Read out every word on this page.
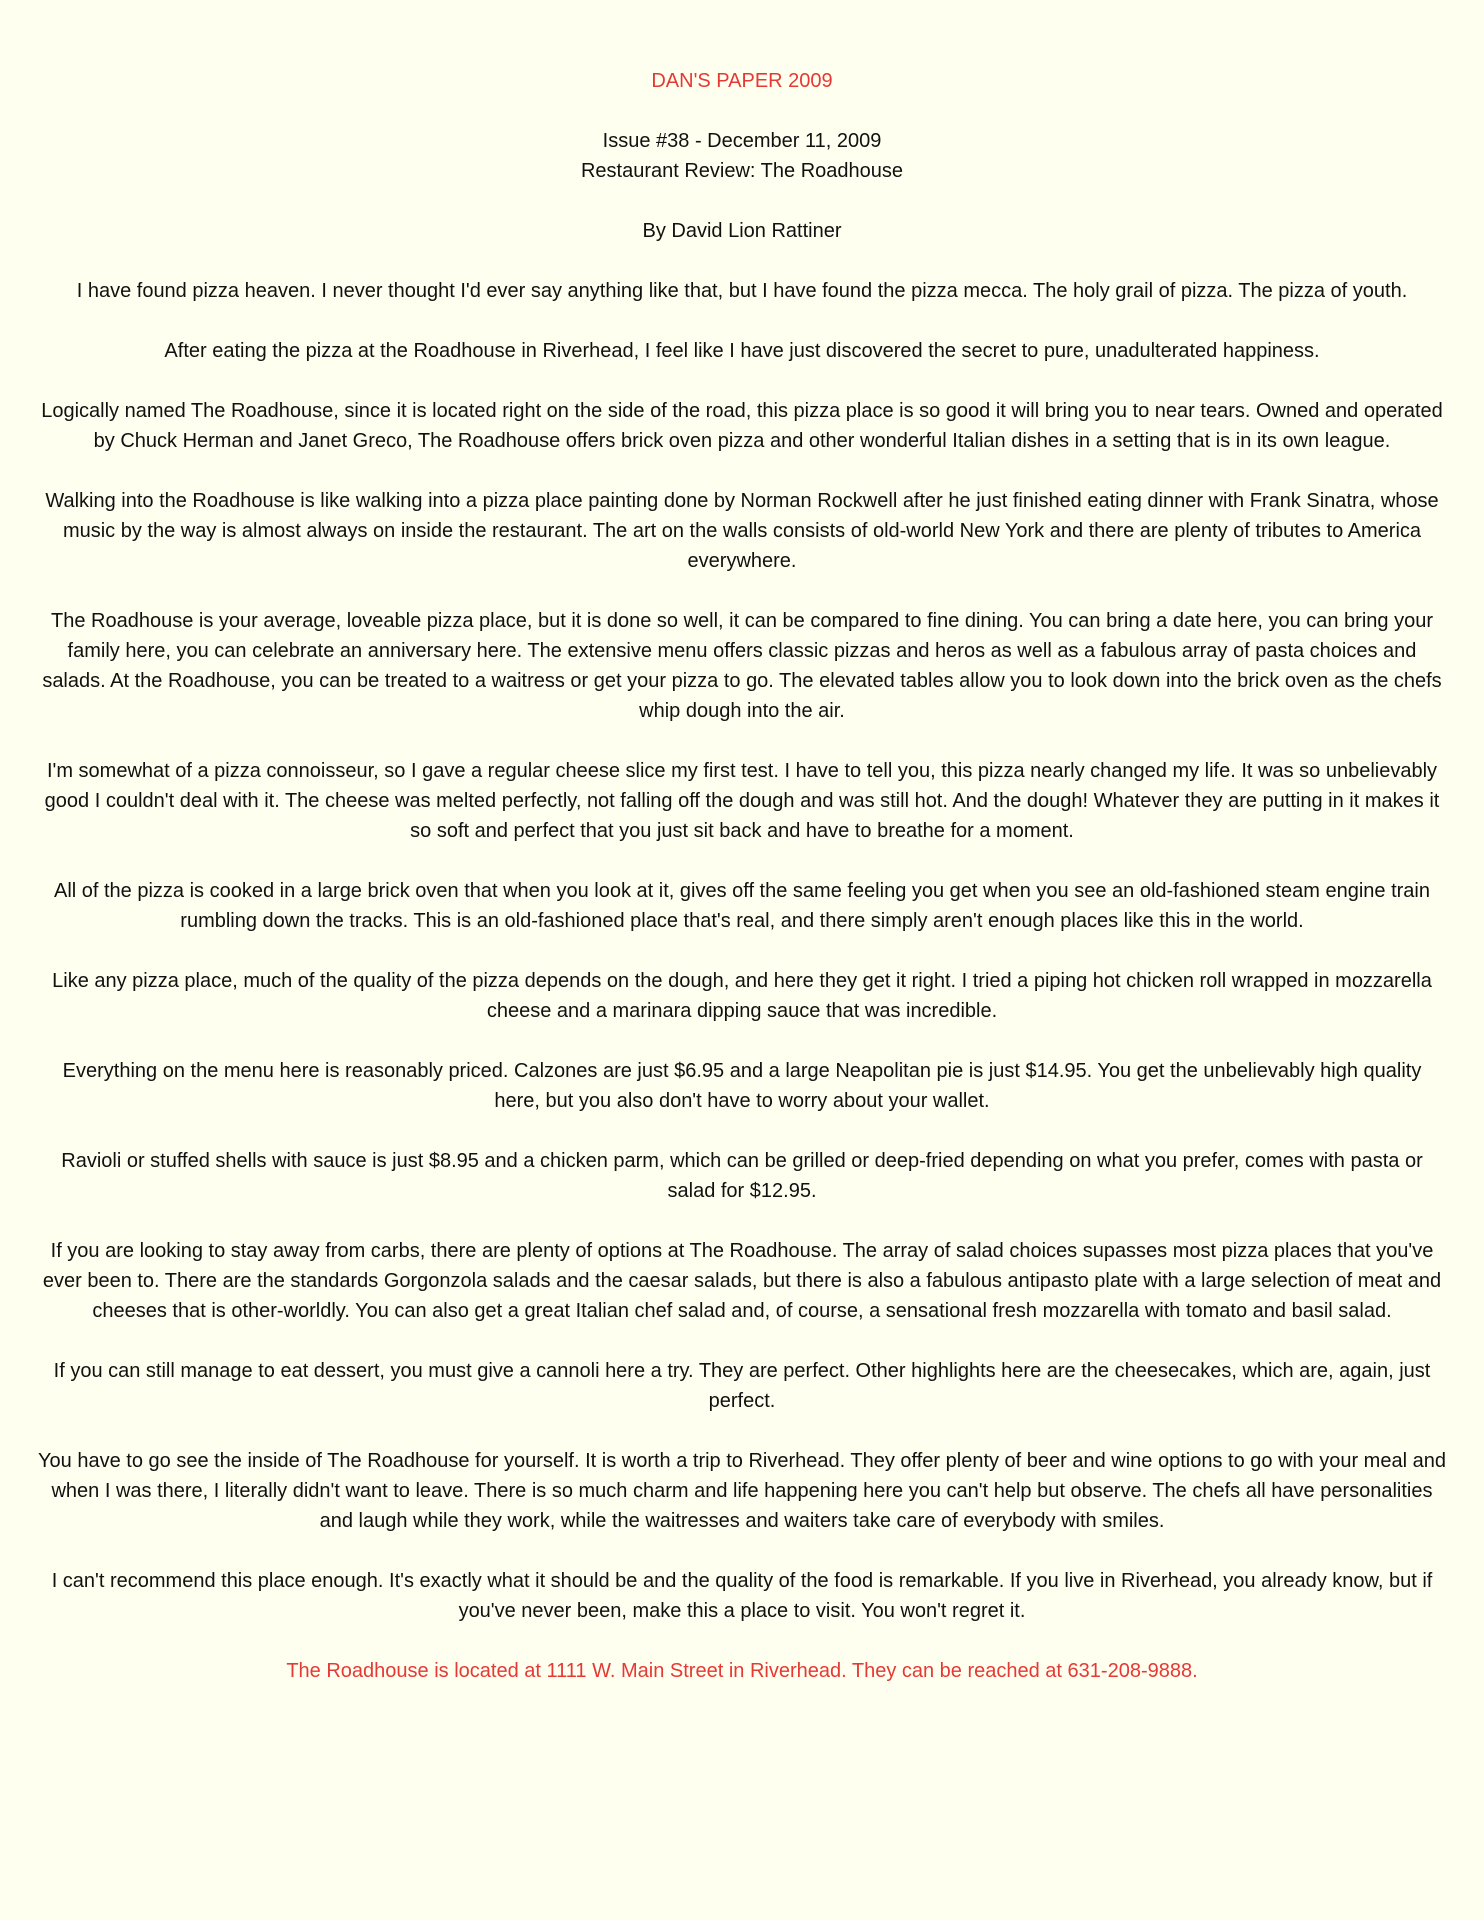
DAN'S PAPER 2009

Issue #38 - December 11, 2009

Restaurant Review: The Roadhouse

By David Lion Rattiner

I have found pizza heaven. I never thought I'd ever say anything like that, but I have found the pizza mecca. The holy grail of pizza. The pizza of youth.

After eating the pizza at the Roadhouse in Riverhead, I feel like I have just discovered the secret to pure, unadulterated happiness.

Logically named The Roadhouse, since it is located right on the side of the road, this pizza place is so good it will bring you to near tears. Owned and operated by Chuck Herman and Janet Greco, The Roadhouse offers brick oven pizza and other wonderful Italian dishes in a setting that is in its own league.

Walking into the Roadhouse is like walking into a pizza place painting done by Norman Rockwell after he just finished eating dinner with Frank Sinatra, whose music by the way is almost always on inside the restaurant. The art on the walls consists of old-world New York and there are plenty of tributes to America everywhere.

The Roadhouse is your average, loveable pizza place, but it is done so well, it can be compared to fine dining. You can bring a date here, you can bring your family here, you can celebrate an anniversary here. The extensive menu offers classic pizzas and heros as well as a fabulous array of pasta choices and salads. At the Roadhouse, you can be treated to a waitress or get your pizza to go. The elevated tables allow you to look down into the brick oven as the chefs whip dough into the air.

I'm somewhat of a pizza connoisseur, so I gave a regular cheese slice my first test. I have to tell you, this pizza nearly changed my life. It was so unbelievably good I couldn't deal with it. The cheese was melted perfectly, not falling off the dough and was still hot. And the dough! Whatever they are putting in it makes it so soft and perfect that you just sit back and have to breathe for a moment.

All of the pizza is cooked in a large brick oven that when you look at it, gives off the same feeling you get when you see an old-fashioned steam engine train rumbling down the tracks. This is an old-fashioned place that's real, and there simply aren't enough places like this in the world.

Like any pizza place, much of the quality of the pizza depends on the dough, and here they get it right. I tried a piping hot chicken roll wrapped in mozzarella cheese and a marinara dipping sauce that was incredible.

Everything on the menu here is reasonably priced. Calzones are just $6.95 and a large Neapolitan pie is just $14.95. You get the unbelievably high quality here, but you also don't have to worry about your wallet.

Ravioli or stuffed shells with sauce is just $8.95 and a chicken parm, which can be grilled or deep-fried depending on what you prefer, comes with pasta or salad for $12.95.

If you are looking to stay away from carbs, there are plenty of options at The Roadhouse. The array of salad choices supasses most pizza places that you've ever been to. There are the standards Gorgonzola salads and the caesar salads, but there is also a fabulous antipasto plate with a large selection of meat and cheeses that is other-worldly. You can also get a great Italian chef salad and, of course, a sensational fresh mozzarella with tomato and basil salad.

If you can still manage to eat dessert, you must give a cannoli here a try. They are perfect. Other highlights here are the cheesecakes, which are, again, just perfect.

You have to go see the inside of The Roadhouse for yourself. It is worth a trip to Riverhead. They offer plenty of beer and wine options to go with your meal and when I was there, I literally didn't want to leave. There is so much charm and life happening here you can't help but observe. The chefs all have personalities and laugh while they work, while the waitresses and waiters take care of everybody with smiles.

I can't recommend this place enough. It's exactly what it should be and the quality of the food is remarkable. If you live in Riverhead, you already know, but if you've never been, make this a place to visit. You won't regret it.

The Roadhouse is located at 1111 W. Main Street in Riverhead. They can be reached at 631-208-9888.
